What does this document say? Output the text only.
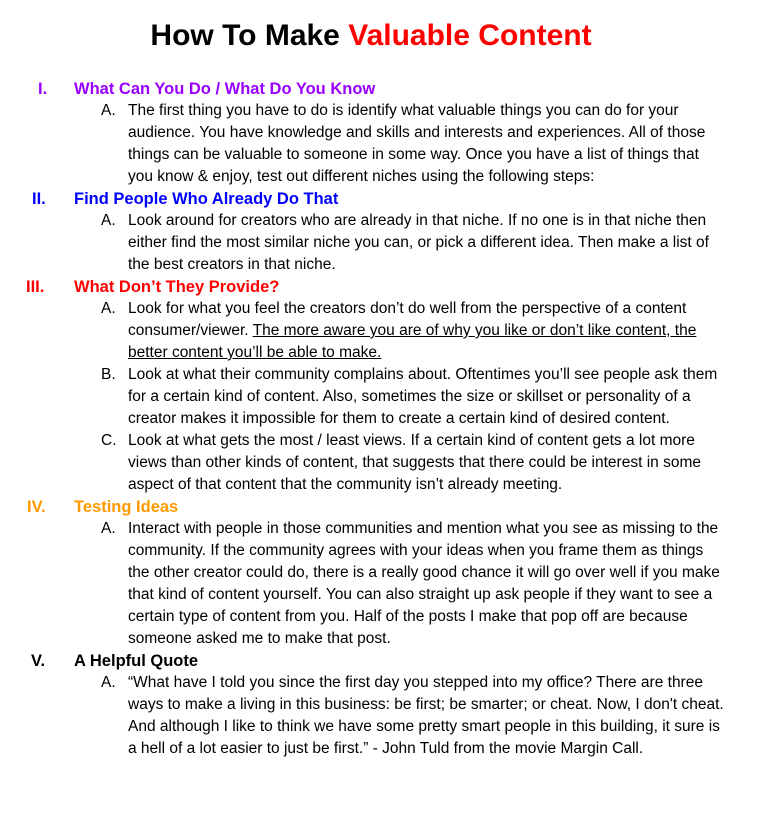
How To Make Valuable Content
I.	What Can You Do / What Do You Know
A. The first thing you have to do is identify what valuable things you can do for your audience. You have knowledge and skills and interests and experiences. All of those things can be valuable to someone in some way. Once you have a list of things that you know & enjoy, test out different niches using the following steps:
II.	Find People Who Already Do That
A. Look around for creators who are already in that niche. If no one is in that niche then either find the most similar niche you can, or pick a different idea. Then make a list of the best creators in that niche.
III.	What Don’t They Provide?
A. Look for what you feel the creators don’t do well from the perspective of a content consumer/viewer. The more aware you are of why you like or don’t like content, the better content you’ll be able to make.
B. Look at what their community complains about. Oftentimes you’ll see people ask them for a certain kind of content. Also, sometimes the size or skillset or personality of a creator makes it impossible for them to create a certain kind of desired content.
C. Look at what gets the most / least views. If a certain kind of content gets a lot more views than other kinds of content, that suggests that there could be interest in some aspect of that content that the community isn’t already meeting.
IV.	Testing Ideas
A. Interact with people in those communities and mention what you see as missing to the community. If the community agrees with your ideas when you frame them as things the other creator could do, there is a really good chance it will go over well if you make that kind of content yourself. You can also straight up ask people if they want to see a certain type of content from you. Half of the posts I make that pop off are because someone asked me to make that post.
V.	A Helpful Quote
A. “What have I told you since the first day you stepped into my office? There are three ways to make a living in this business: be first; be smarter; or cheat. Now, I don't cheat. And although I like to think we have some pretty smart people in this building, it sure is a hell of a lot easier to just be first.” - John Tuld from the movie Margin Call.
